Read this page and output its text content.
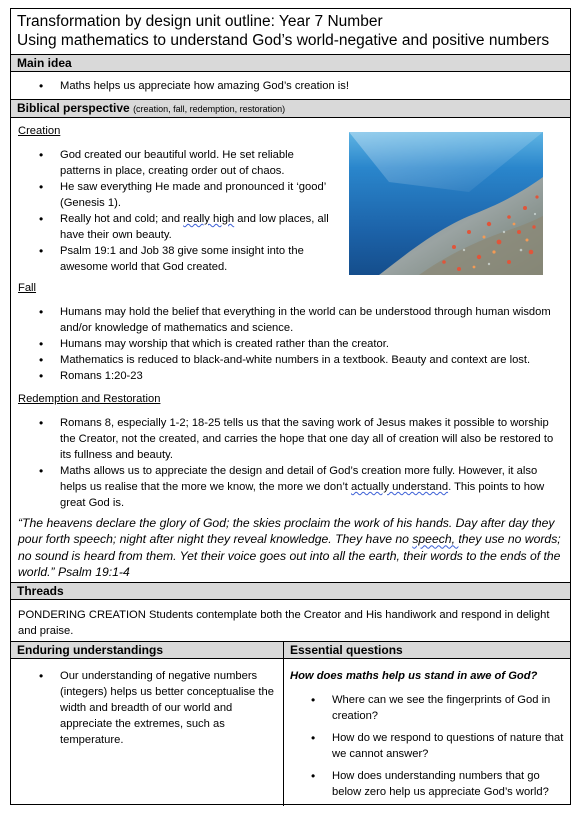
Transformation by design unit outline: Year 7 Number
Using mathematics to understand God’s world-negative and positive numbers
Main idea
• Maths helps us appreciate how amazing God’s creation is!
Biblical perspective (creation, fall, redemption, restoration)
Creation
• God created our beautiful world. He set reliable patterns in place, creating order out of chaos.
• He saw everything He made and pronounced it ‘good’ (Genesis 1).
• Really hot and cold; and really high and low places, all have their own beauty.
• Psalm 19:1 and Job 38 give some insight into the awesome world that God created.
Fall
• Humans may hold the belief that everything in the world can be understood through human wisdom and/or knowledge of mathematics and science.
• Humans may worship that which is created rather than the creator.
• Mathematics is reduced to black-and-white numbers in a textbook. Beauty and context are lost.
• Romans 1:20-23
Redemption and Restoration
• Romans 8, especially 1-2; 18-25 tells us that the saving work of Jesus makes it possible to worship the Creator, not the created, and carries the hope that one day all of creation will also be restored to its fullness and beauty.
• Maths allows us to appreciate the design and detail of God’s creation more fully. However, it also helps us realise that the more we know, the more we don’t actually understand. This points to how great God is.
“The heavens declare the glory of God; the skies proclaim the work of his hands. Day after day they pour forth speech; night after night they reveal knowledge. They have no speech, they use no words; no sound is heard from them. Yet their voice goes out into all the earth, their words to the ends of the world.” Psalm 19:1-4
Threads
PONDERING CREATION Students contemplate both the Creator and His handiwork and respond in delight and praise.
Enduring understandings	Essential questions
• Our understanding of negative numbers (integers) helps us better conceptualise the width and breadth of our world and appreciate the extremes, such as temperature.
How does maths help us stand in awe of God?
• Where can we see the fingerprints of God in creation?
• How do we respond to questions of nature that we cannot answer?
• How does understanding numbers that go below zero help us appreciate God’s world?
